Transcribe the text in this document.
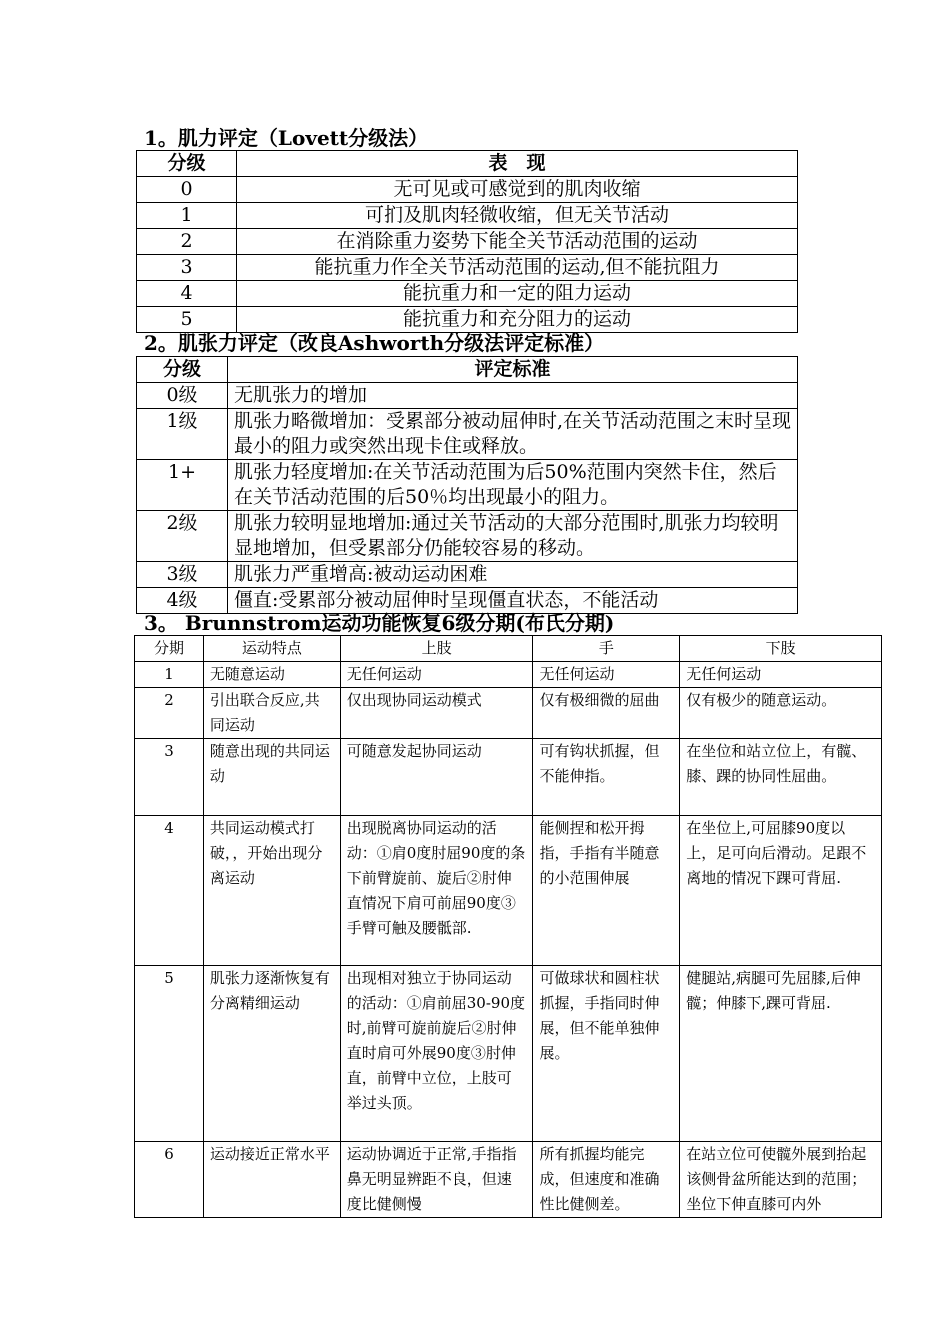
1。肌力评定（Lovett分级法）
分级	表　现
0	无可见或可感觉到的肌肉收缩
1	可扪及肌肉轻微收缩，但无关节活动
2	在消除重力姿势下能全关节活动范围的运动
3	能抗重力作全关节活动范围的运动,但不能抗阻力
4	能抗重力和一定的阻力运动
5	能抗重力和充分阻力的运动
2。肌张力评定（改良Ashworth分级法评定标准）
分级	评定标准
0级	无肌张力的增加
1级	肌张力略微增加：受累部分被动屈伸时,在关节活动范围之末时呈现最小的阻力或突然出现卡住或释放。
1+	肌张力轻度增加:在关节活动范围为后50%范围内突然卡住，然后在关节活动范围的后50％均出现最小的阻力。
2级	肌张力较明显地增加:通过关节活动的大部分范围时,肌张力均较明显地增加，但受累部分仍能较容易的移动。
3级	肌张力严重增高:被动运动困难
4级	僵直:受累部分被动屈伸时呈现僵直状态，不能活动
3。 Brunnstrom运动功能恢复6级分期(布氏分期)
分期	运动特点	上肢	手	下肢
1	无随意运动	无任何运动	无任何运动	无任何运动
2	引出联合反应,共同运动	仅出现协同运动模式	仅有极细微的屈曲	仅有极少的随意运动。
3	随意出现的共同运动	可随意发起协同运动	可有钩状抓握，但不能伸指。	在坐位和站立位上，有髋、膝、踝的协同性屈曲。
4	共同运动模式打破，，开始出现分离运动	出现脱离协同运动的活动：①肩0度肘屈90度的条下前臂旋前、旋后②肘伸直情况下肩可前屈90度③手臂可触及腰骶部.	能侧捏和松开拇指，手指有半随意的小范围伸展	在坐位上,可屈膝90度以上，足可向后滑动。足跟不离地的情况下踝可背屈.
5	肌张力逐渐恢复有分离精细运动	出现相对独立于协同运动的活动：①肩前屈30-90度时,前臂可旋前旋后②肘伸直时肩可外展90度③肘伸直，前臂中立位，上肢可举过头顶。	可做球状和圆柱状抓握，手指同时伸展，但不能单独伸展。	健腿站,病腿可先屈膝,后伸髋；伸膝下,踝可背屈.
6	运动接近正常水平	运动协调近于正常,手指指鼻无明显辨距不良，但速度比健侧慢	所有抓握均能完成，但速度和准确性比健侧差。	在站立位可使髋外展到抬起该侧骨盆所能达到的范围；坐位下伸直膝可内外
